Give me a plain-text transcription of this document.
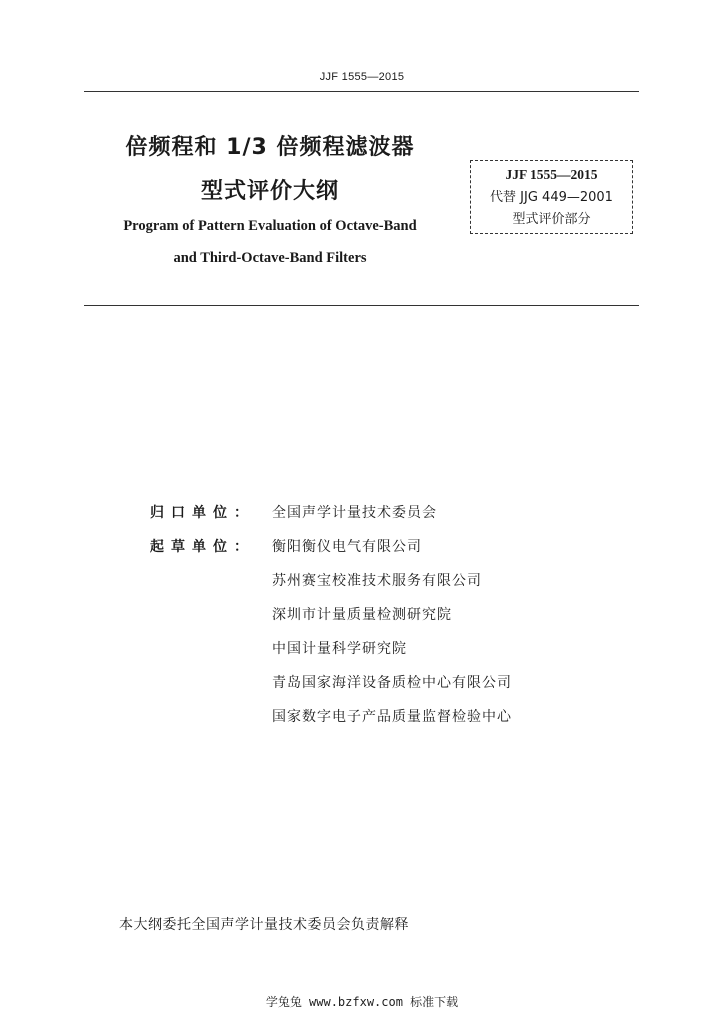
JJF 1555—2015
倍频程和 1/3 倍频程滤波器
型式评价大纲
Program of Pattern Evaluation of Octave-Band
and Third-Octave-Band Filters
JJF 1555—2015
代替 JJG 449—2001
型式评价部分
归口单位： 全国声学计量技术委员会
起草单位： 衡阳衡仪电气有限公司
苏州赛宝校准技术服务有限公司
深圳市计量质量检测研究院
中国计量科学研究院
青岛国家海洋设备质检中心有限公司
国家数字电子产品质量监督检验中心
本大纲委托全国声学计量技术委员会负责解释
学兔兔 www.bzfxw.com 标准下载
